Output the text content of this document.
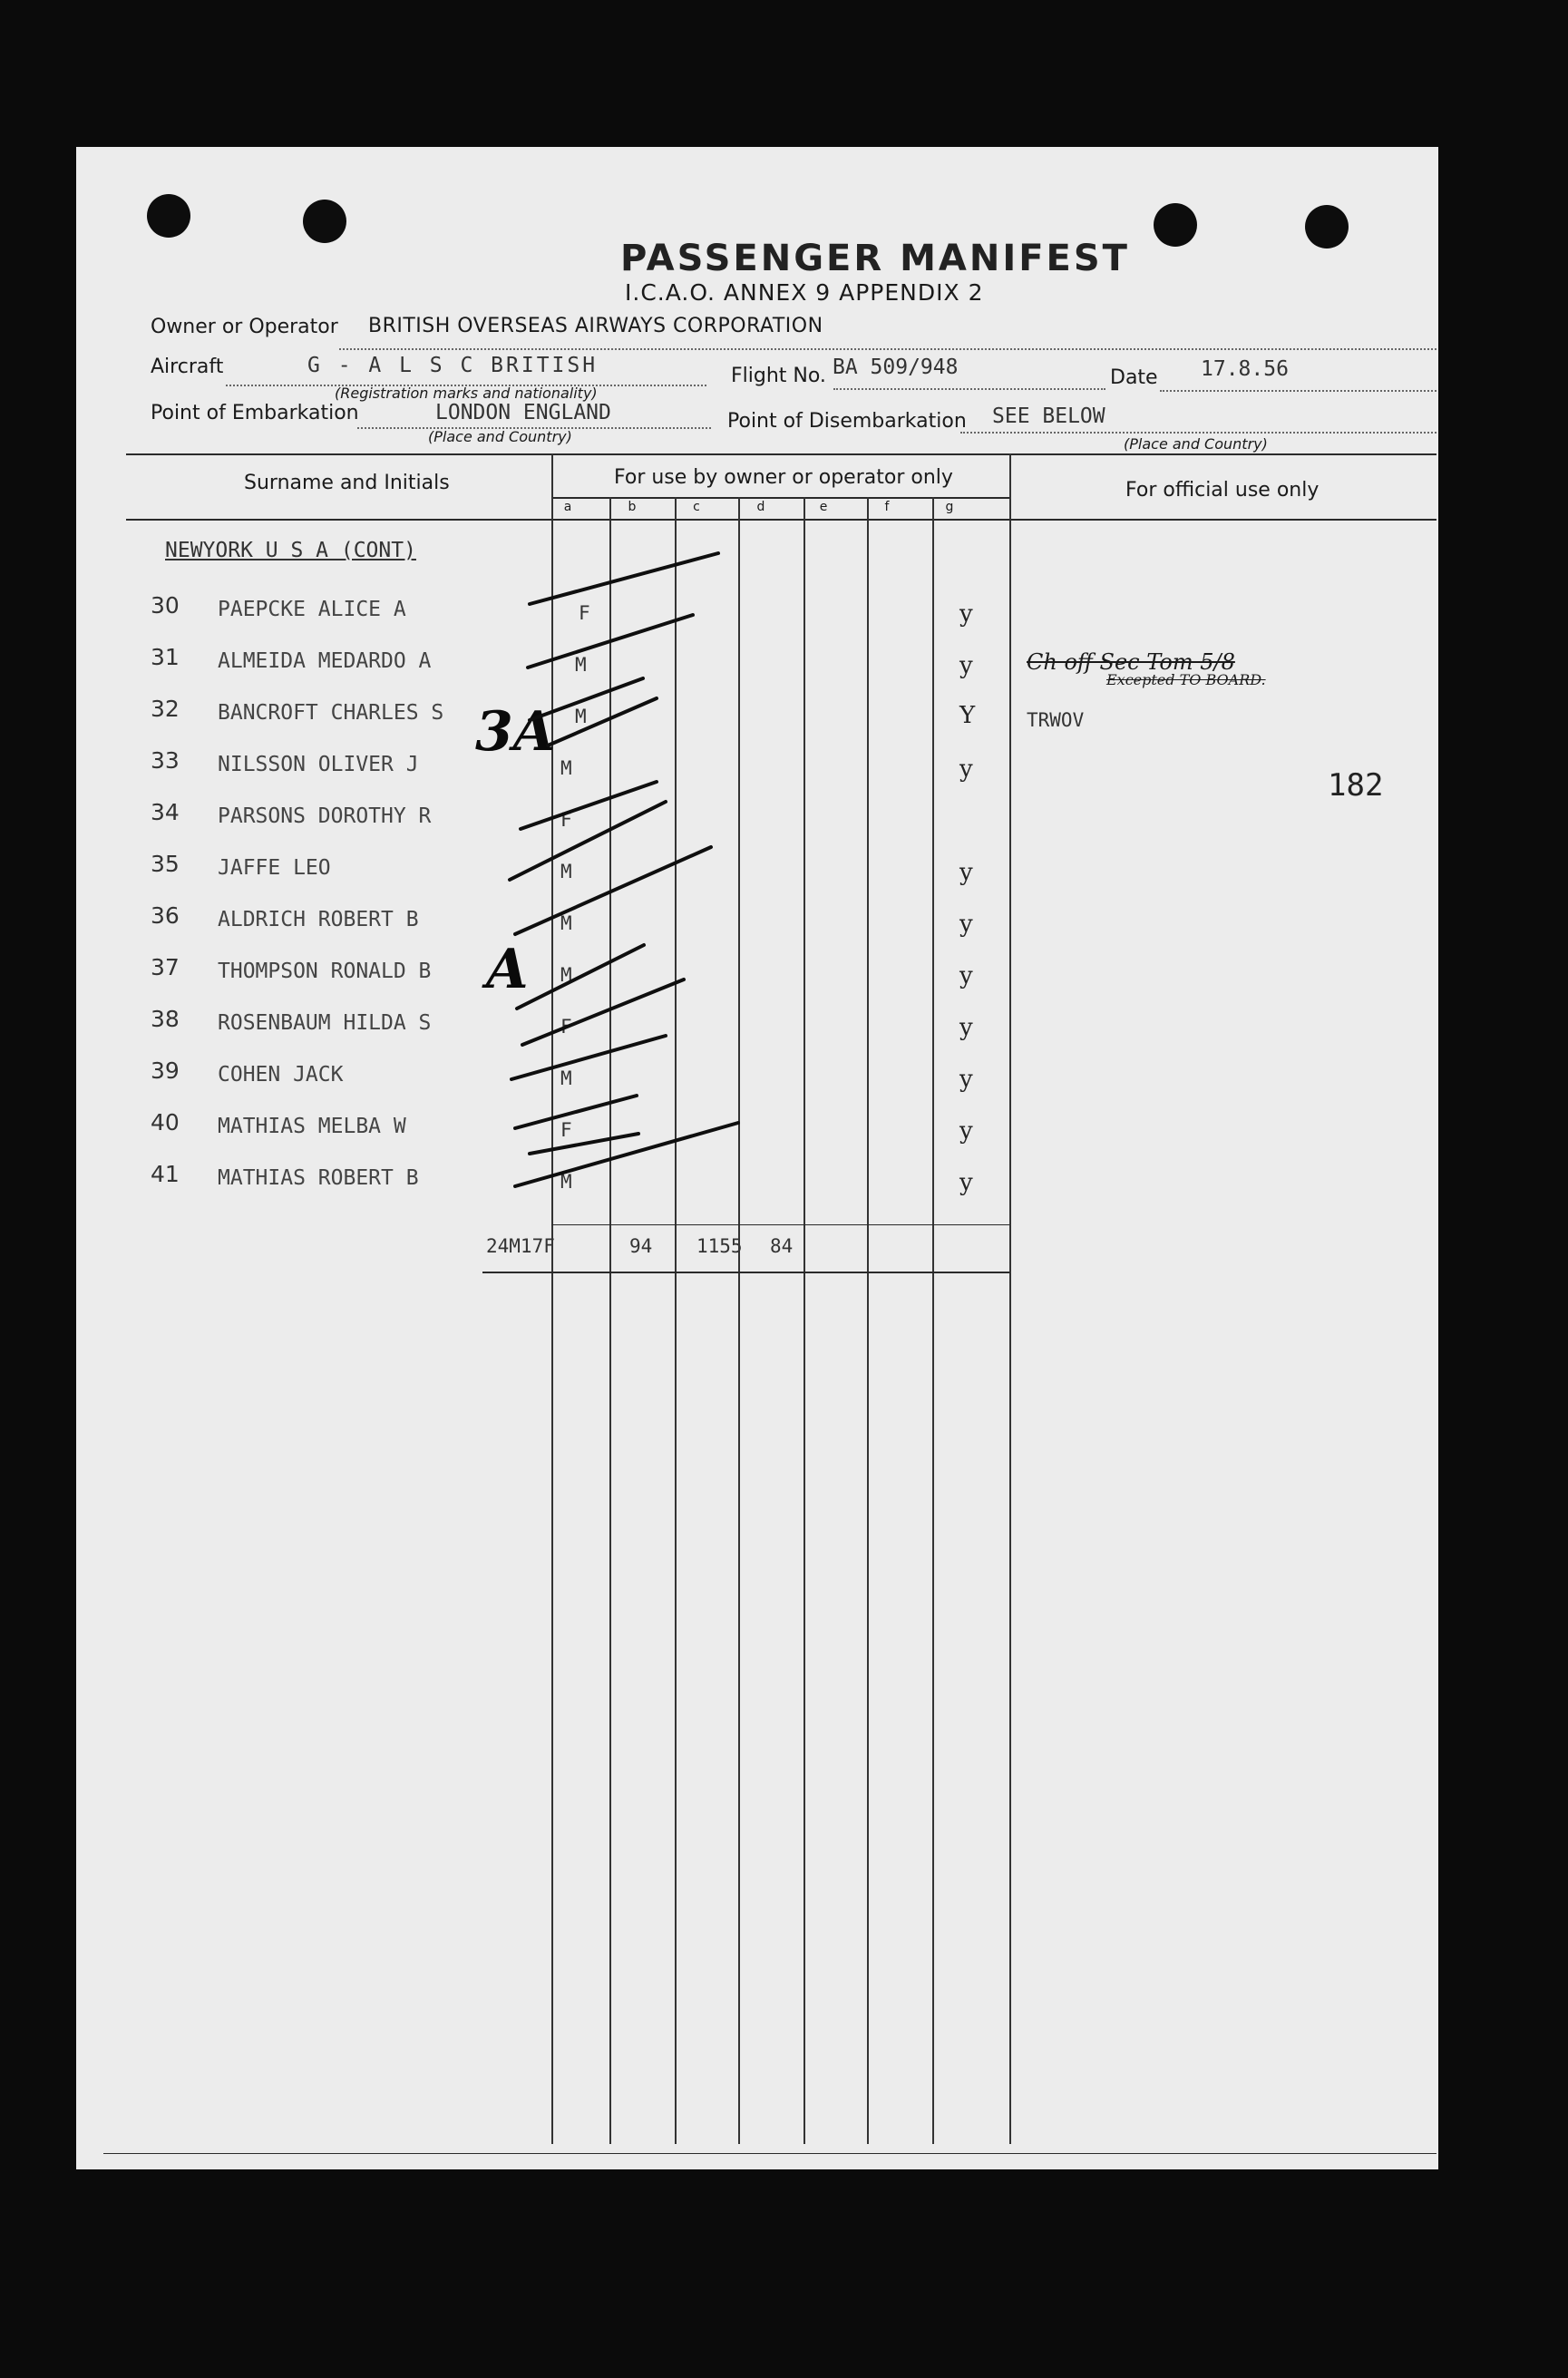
PASSENGER MANIFEST
I.C.A.O. ANNEX 9 APPENDIX 2
Owner or Operator BRITISH OVERSEAS AIRWAYS CORPORATION
Aircraft	G - A L S C BRITISH
(Registration marks and nationality)
Flight No. BA 509/948	Date 17.8.56
Point of Embarkation	LONDON ENGLAND
(Place and Country)
Point of Disembarkation SEE BELOW
(Place and Country)
Surname and Initials	For use by owner or operator only
For official use only
a	b	c	d	e	f	g
NEWYORK U S A (CONT)
30	PAEPCKE ALICE A	F	y
31	ALMEIDA MEDARDO A	M	y
32	BANCROFT CHARLES S	M	Y
33	NILSSON OLIVER J	M	y
34	PARSONS DOROTHY R	F
35	JAFFE LEO	M	y
36	ALDRICH ROBERT B	M	y
37	THOMPSON RONALD B	M	y
38	ROSENBAUM HILDA S	F	y
39	COHEN JACK	M	y
40	MATHIAS MELBA W	F	y
41	MATHIAS ROBERT B	M	y
24M17F	94 1155 84
Ch off Sec Tom 5/8
Excepted TO BOARD.
TRWOV
182
3A
A
